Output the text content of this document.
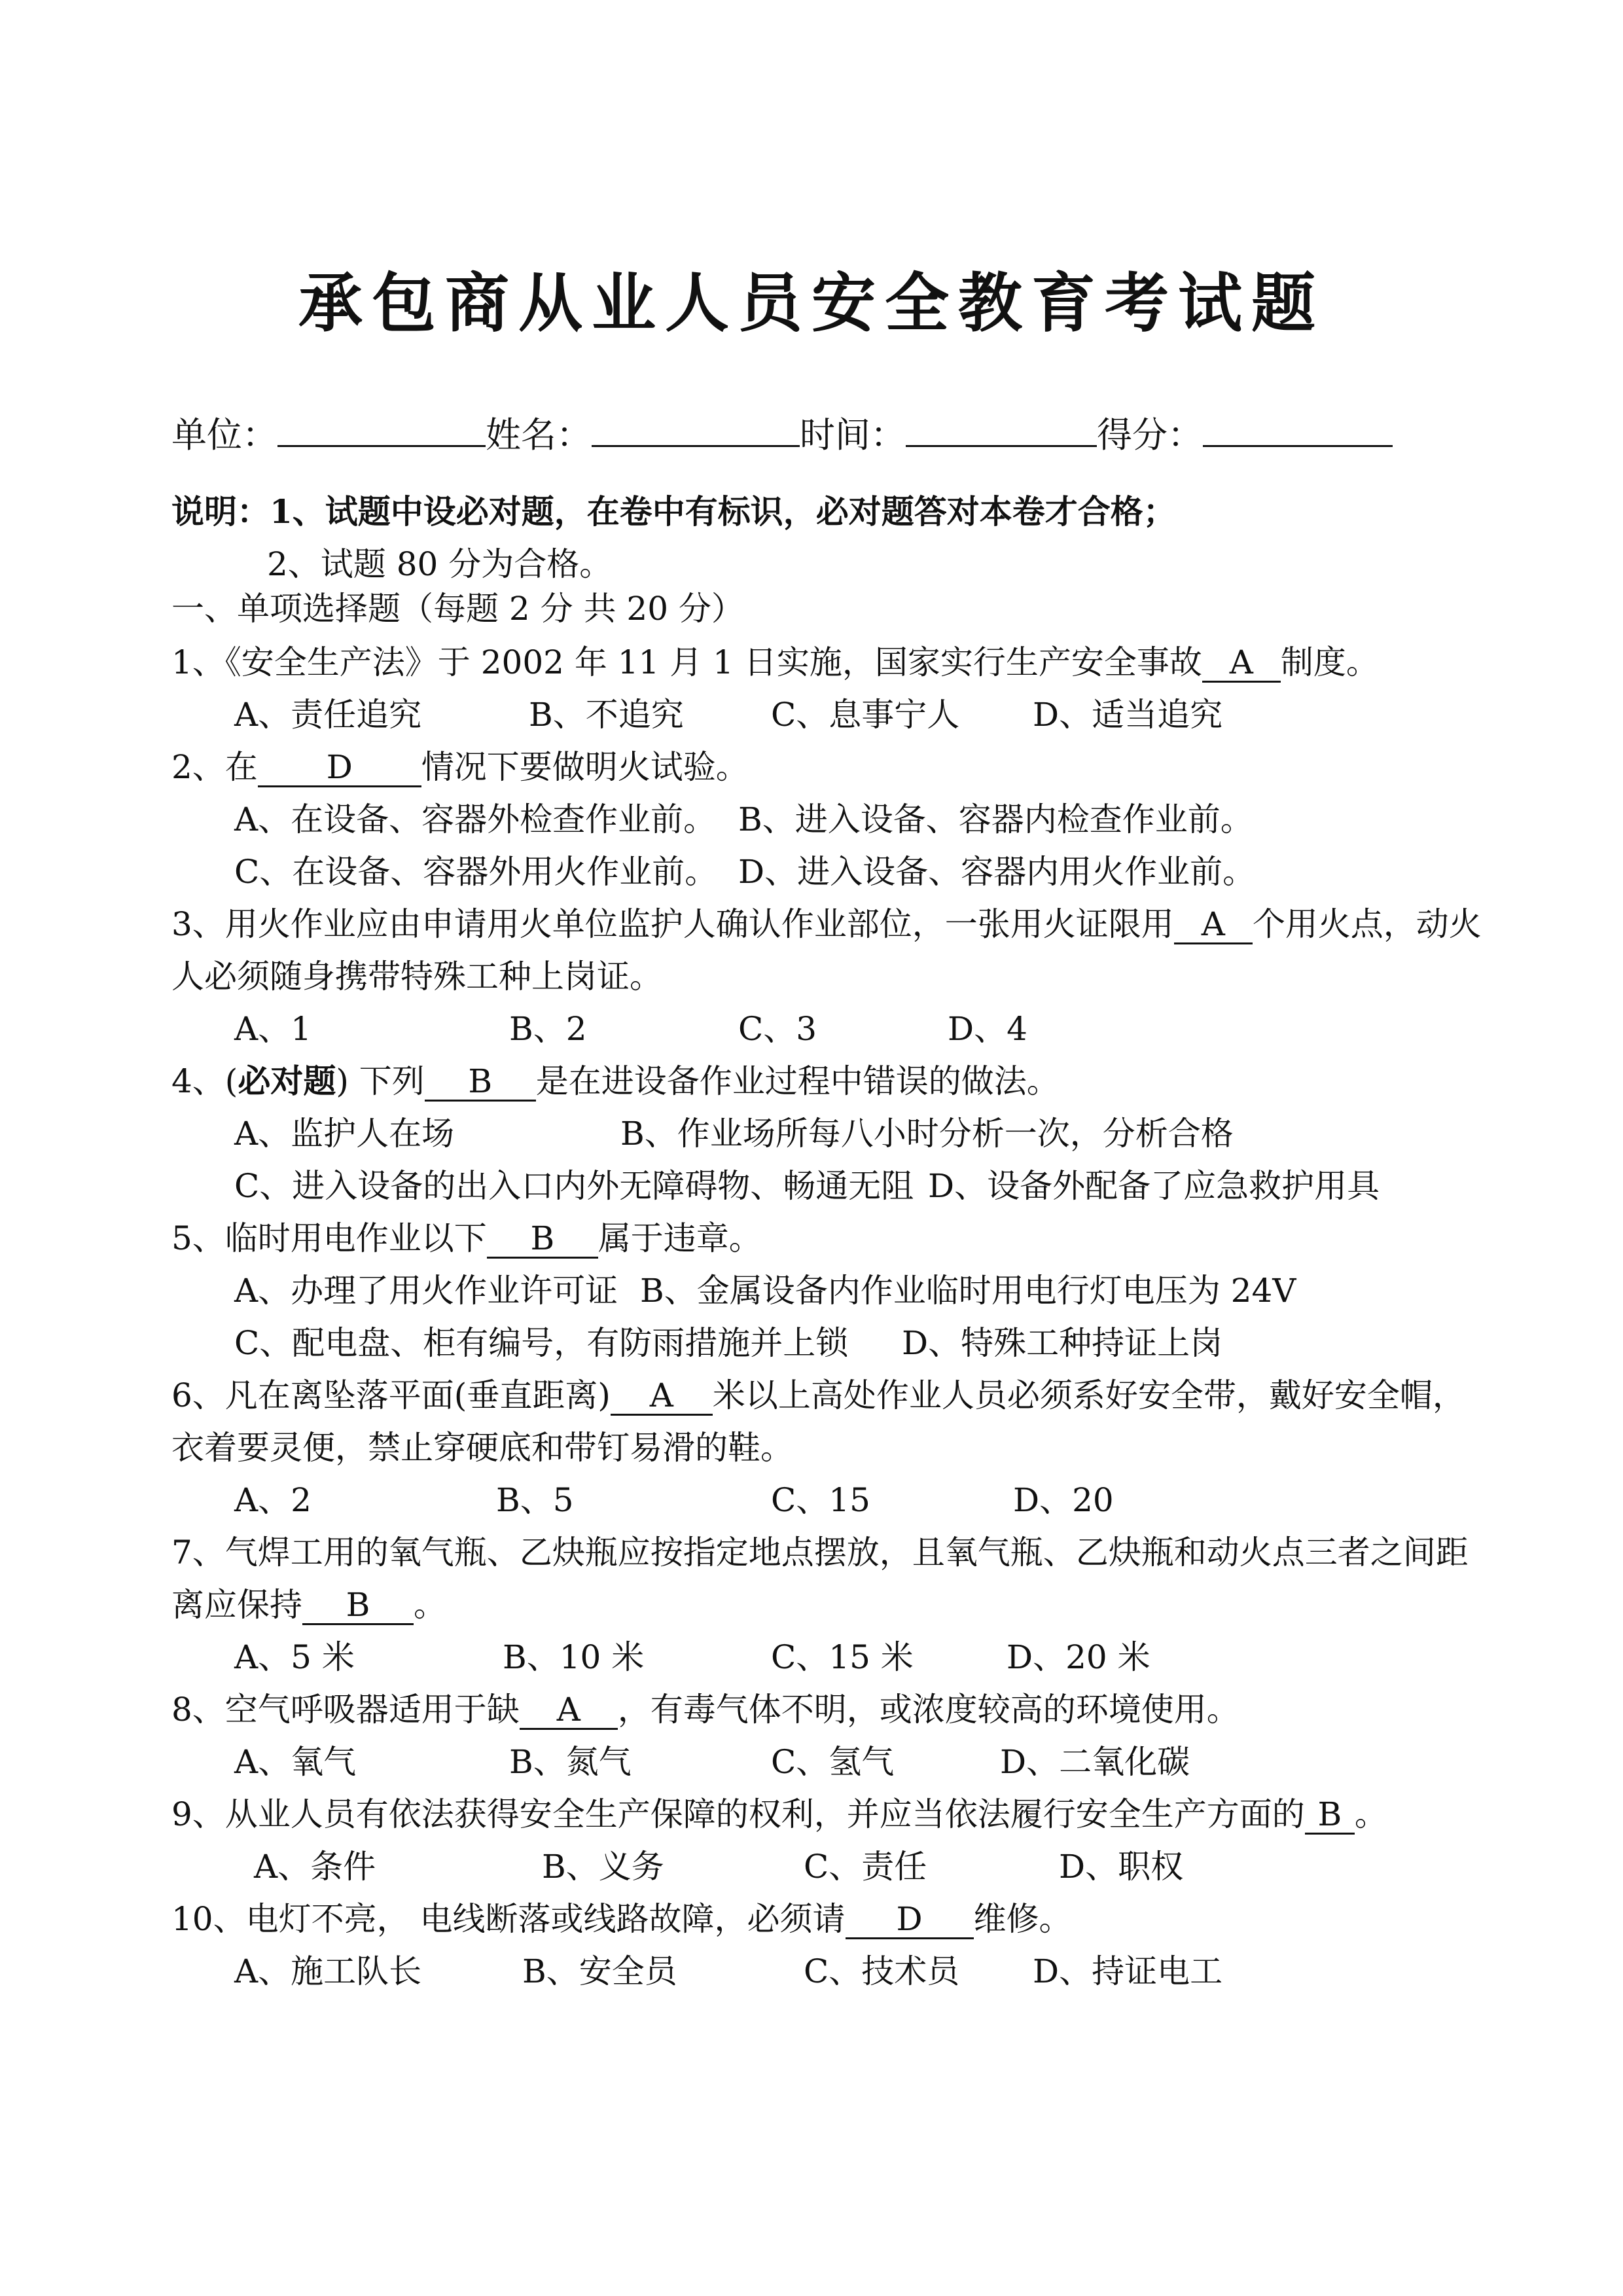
承包商从业人员安全教育考试题
单位：	姓名：	时间：	得分：
说明：1、试题中设必对题，在卷中有标识，必对题答对本卷才合格；
2、试题 80 分为合格。
一、单项选择题（每题 2 分 共 20 分）
1、《安全生产法》于 2002 年 11 月 1 日实施，国家实行生产安全事故 A 制度。
A、责任追究	B、不追究	C、息事宁人 D、适当追究
2、在 D 情况下要做明火试验。
A、在设备、容器外检查作业前。 B、进入设备、容器内检查作业前。
C、在设备、容器外用火作业前。 D、进入设备、容器内用火作业前。
3、用火作业应由申请用火单位监护人确认作业部位，一张用火证限用 A 个用火点，动火
人必须随身携带特殊工种上岗证。
A、1	B、2	C、3	D、4
4、(必对题) 下列 B 是在进设备作业过程中错误的做法。
A、监护人在场	B、作业场所每八小时分析一次，分析合格
C、进入设备的出入口内外无障碍物、畅通无阻 D、设备外配备了应急救护用具
5、临时用电作业以下 B 属于违章。
A、办理了用火作业许可证 B、金属设备内作业临时用电行灯电压为 24V
C、配电盘、柜有编号，有防雨措施并上锁 D、特殊工种持证上岗
6、凡在离坠落平面(垂直距离) A 米以上高处作业人员必须系好安全带，戴好安全帽，
衣着要灵便，禁止穿硬底和带钉易滑的鞋。
A、2	B、5	C、15	D、20
7、气焊工用的氧气瓶、乙炔瓶应按指定地点摆放，且氧气瓶、乙炔瓶和动火点三者之间距
离应保持 B 。
A、5 米	B、10 米	C、15 米	D、20 米
8、空气呼吸器适用于缺 A ，有毒气体不明，或浓度较高的环境使用。
A、氧气	B、氮气	C、氢气	D、二氧化碳
9、从业人员有依法获得安全生产保障的权利，并应当依法履行安全生产方面的 B 。
A、条件	B、义务	C、责任	D、职权
10、电灯不亮， 电线断落或线路故障，必须请 D 维修。
A、施工队长	B、安全员	C、技术员 D、持证电工
